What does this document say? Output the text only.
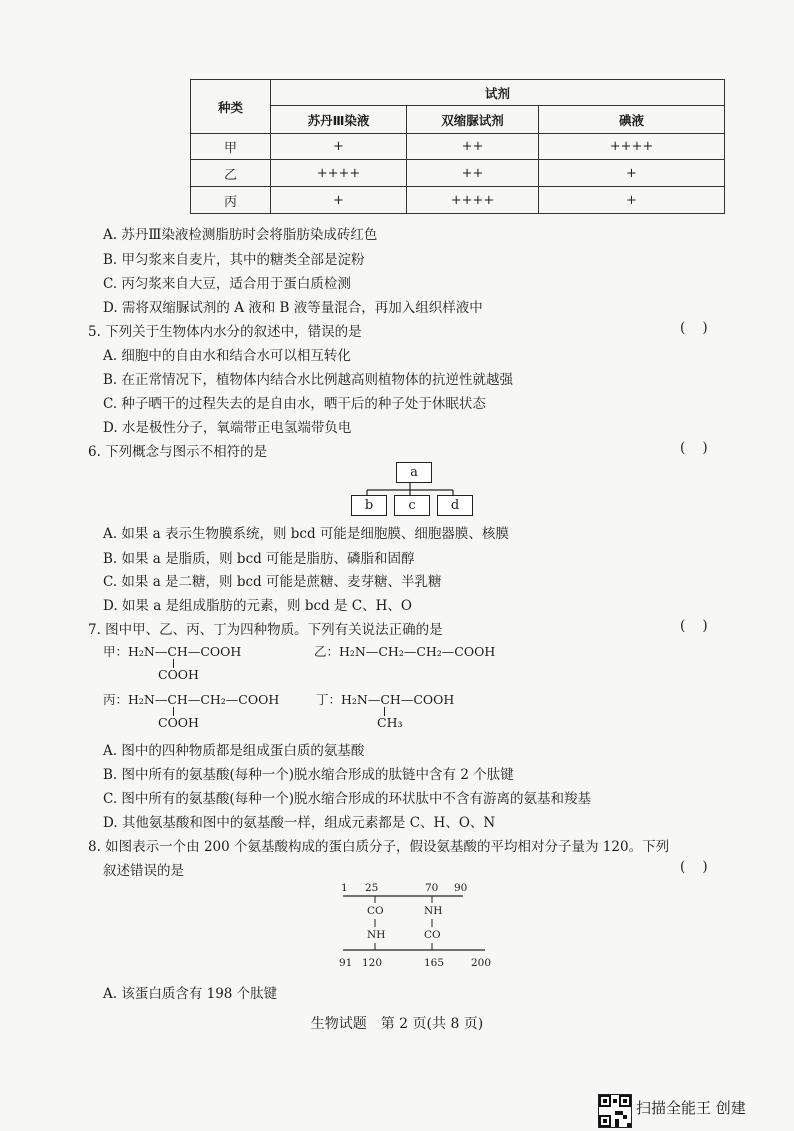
种类	试剂		
	苏丹Ⅲ染液	双缩脲试剂	碘液
甲	+	++	++++
乙	++++	++	+
丙	+	++++	+
A. 苏丹Ⅲ染液检测脂肪时会将脂肪染成砖红色
B. 甲匀浆来自麦片，其中的糖类全部是淀粉
C. 丙匀浆来自大豆，适合用于蛋白质检测
D. 需将双缩脲试剂的 A 液和 B 液等量混合，再加入组织样液中
5. 下列关于生物体内水分的叙述中，错误的是	(    )
A. 细胞中的自由水和结合水可以相互转化
B. 在正常情况下，植物体内结合水比例越高则植物体的抗逆性就越强
C. 种子晒干的过程失去的是自由水，晒干后的种子处于休眠状态
D. 水是极性分子，氧端带正电氢端带负电
6. 下列概念与图示不相符的是	(    )
a
b	c	d
A. 如果 a 表示生物膜系统，则 bcd 可能是细胞膜、细胞器膜、核膜
B. 如果 a 是脂质，则 bcd 可能是脂肪、磷脂和固醇
C. 如果 a 是二糖，则 bcd 可能是蔗糖、麦芽糖、半乳糖
D. 如果 a 是组成脂肪的元素，则 bcd 是 C、H、O
7. 图中甲、乙、丙、丁为四种物质。下列有关说法正确的是	(    )
甲：H₂N—CH—COOH
COOH
乙：H₂N—CH₂—CH₂—COOH
丙：H₂N—CH—CH₂—COOH
COOH
丁：H₂N—CH—COOH
CH₃
A. 图中的四种物质都是组成蛋白质的氨基酸
B. 图中所有的氨基酸(每种一个)脱水缩合形成的肽链中含有 2 个肽键
C. 图中所有的氨基酸(每种一个)脱水缩合形成的环状肽中不含有游离的氨基和羧基
D. 其他氨基酸和图中的氨基酸一样，组成元素都是 C、H、O、N
8. 如图表示一个由 200 个氨基酸构成的蛋白质分子，假设氨基酸的平均相对分子量为 120。下列
叙述错误的是	(    )
1 25	70 90
CO
NH
NH
CO
91 120	165	200
A. 该蛋白质含有 198 个肽键
生物试题　第 2 页(共 8 页)
扫描全能王 创建
